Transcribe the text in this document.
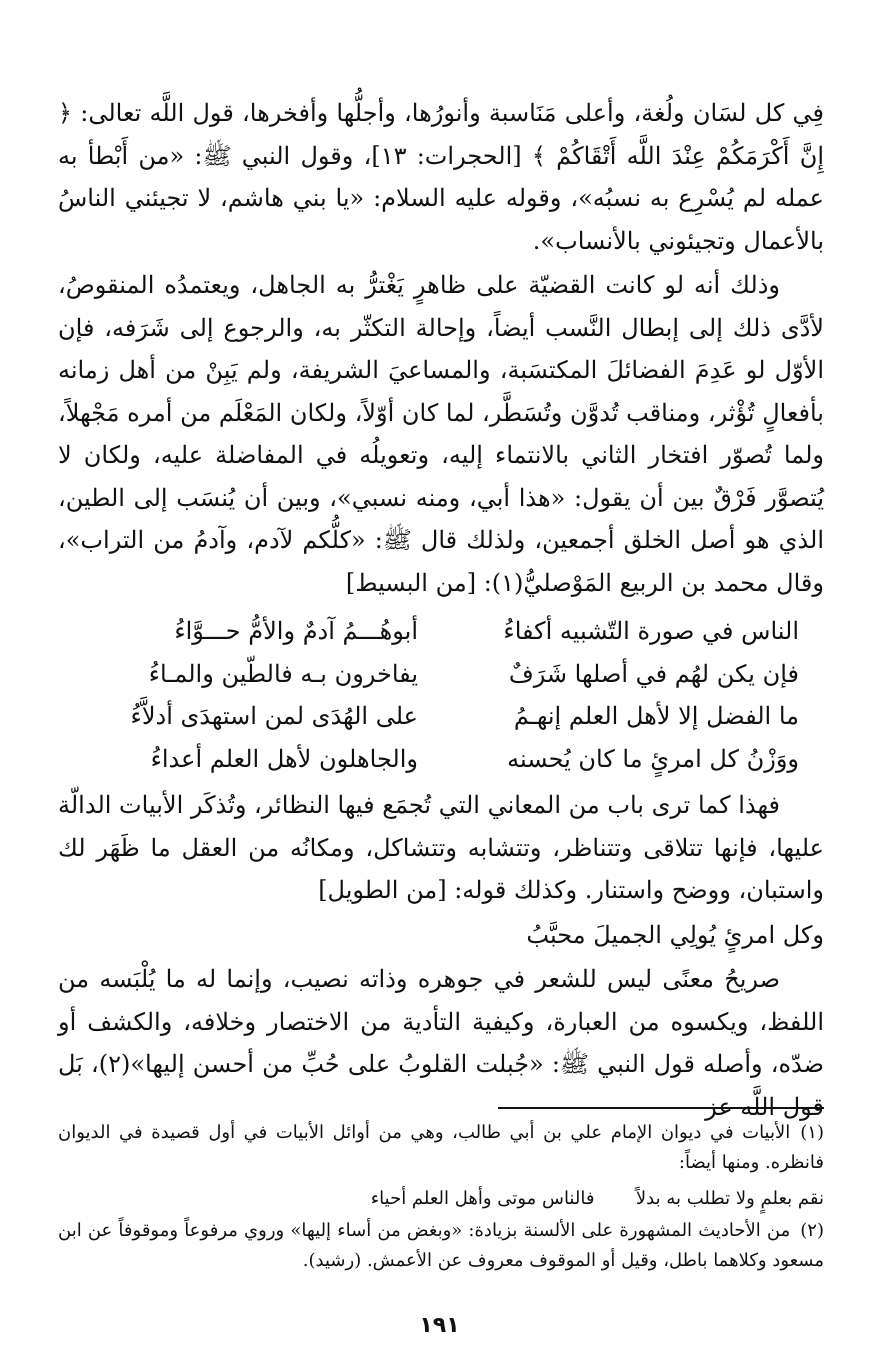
فِي كل لسَان ولُغة، وأعلى مَنَاسبة وأنورُها، وأجلُّها وأفخرها، قول اللَّه تعالى: ﴿ إِنَّ أَكْرَمَكُمْ عِنْدَ اللَّه أَتْقَاكُمْ ﴾ [الحجرات: ١٣]، وقول النبي ﷺ: «من أَبْطأ به عمله لم يُسْرِع به نسبُه»، وقوله عليه السلام: «يا بني هاشم، لا تجيئني الناسُ بالأعمال وتجيئوني بالأنساب».

وذلك أنه لو كانت القضيّة على ظاهرٍ يَغْترُّ به الجاهل، ويعتمدُه المنقوصُ، لأدَّى ذلك إلى إبطال النَّسب أيضاً، وإحالة التكثّر به، والرجوع إلى شَرَفه، فإن الأوّل لو عَدِمَ الفضائلَ المكتسَبة، والمساعيَ الشريفة، ولم يَبِنْ من أهل زمانه بأفعالٍ تُؤْثر، ومناقب تُدوَّن وتُسَطَّر، لما كان أوّلاً، ولكان المَعْلَم من أمره مَجْهلاً، ولما تُصوّر افتخار الثاني بالانتماء إليه، وتعويلُه في المفاضلة عليه، ولكان لا يُتصوَّر فَرْقٌ بين أن يقول: «هذا أبي، ومنه نسبي»، وبين أن يُنسَب إلى الطين، الذي هو أصل الخلق أجمعين، ولذلك قال ﷺ: «كلُّكم لآدم، وآدمُ من التراب»، وقال محمد بن الربيع المَوْصليُّ(١): [من البسيط]

الناس في صورة التّشبيه أكفاءُ
أبوهُـــمُ آدمٌ والأمُّ حـــوَّاءُ
فإن يكن لهُم في أصلها شَرَفٌ
يفاخرون بـه فالطّين والمـاءُ
ما الفضل إلا لأهل العلم إنهـمُ
على الهُدَى لمن استهدَى أدلاَّءُ
ووَزْنُ كل امرئٍ ما كان يُحسنه
والجاهلون لأهل العلم أعداءُ

فهذا كما ترى باب من المعاني التي تُجمَع فيها النظائر، وتُذكَر الأبيات الدالّة عليها، فإنها تتلاقى وتتناظر، وتتشابه وتتشاكل، ومكانُه من العقل ما ظَهَر لك واستبان، ووضح واستنار. وكذلك قوله: [من الطويل]

وكل امرئٍ يُولِي الجميلَ محبَّبُ

صريحُ معنًى ليس للشعر في جوهره وذاته نصيب، وإنما له ما يُلْبَسه من اللفظ، ويكسوه من العبارة، وكيفية التأدية من الاختصار وخلافه، والكشف أو ضدّه، وأصله قول النبي ﷺ: «جُبلت القلوبُ على حُبِّ من أحسن إليها»(٢)، بَل قول اللَّه عز

(١)الأبيات في ديوان الإمام علي بن أبي طالب، وهي من أوائل الأبيات في أول قصيدة في الديوان فانظره. ومنها أيضاً:

نقم بعلمٍ ولا تطلب به بدلاً  فالناس موتى وأهل العلم أحياء

(٢)من الأحاديث المشهورة على الألسنة بزيادة: «وبغض من أساء إليها» وروي مرفوعاً وموقوفاً عن ابن مسعود وكلاهما باطل، وقيل أو الموقوف معروف عن الأعمش. (رشيد).

١٩١
